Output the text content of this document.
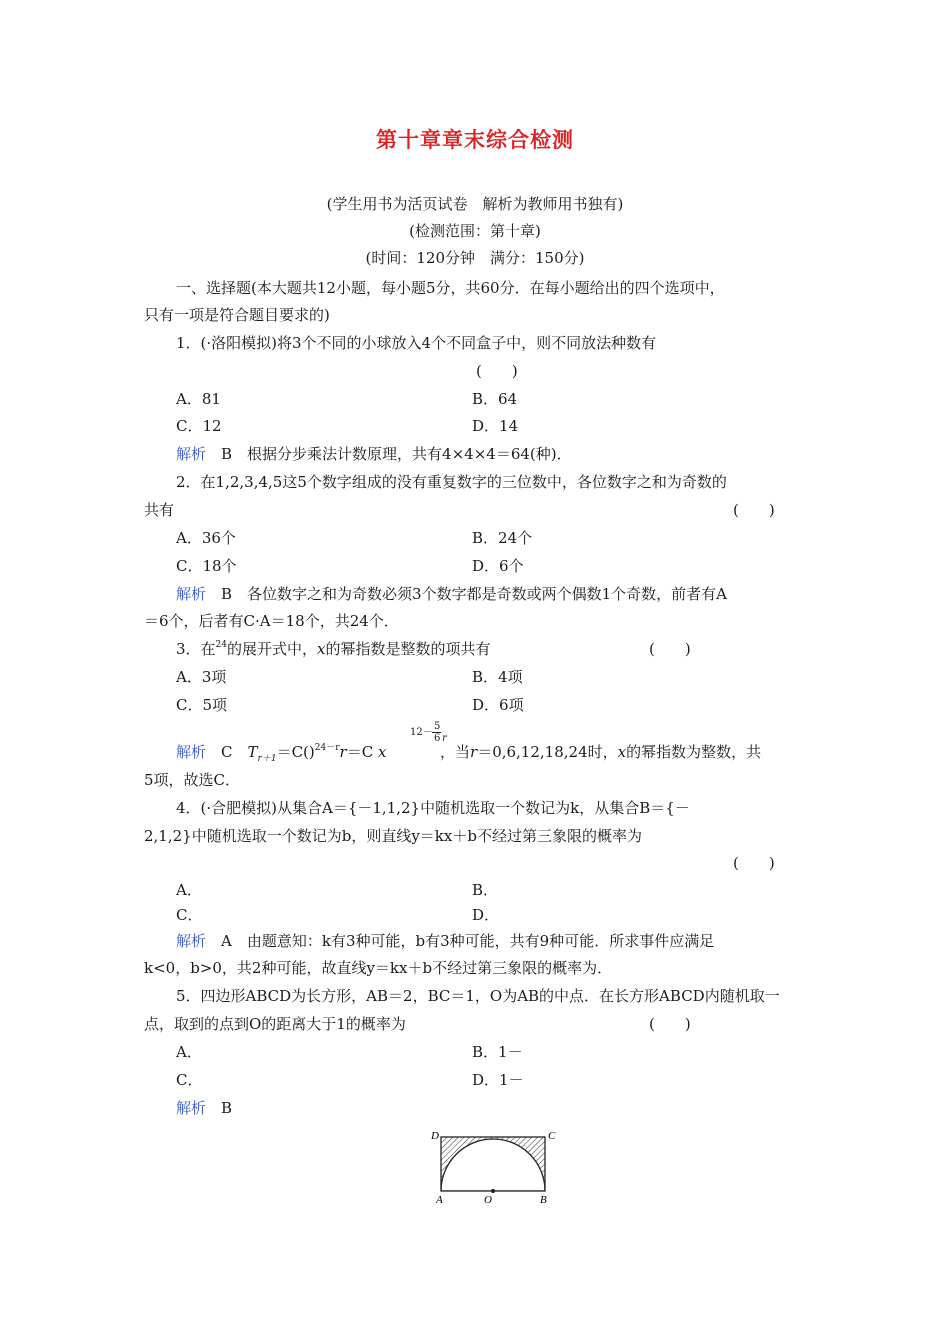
第十章章末综合检测
(学生用书为活页试卷　解析为教师用书独有)
(检测范围：第十章)
(时间：120分钟　满分：150分)
一、选择题(本大题共12小题，每小题5分，共60分．在每小题给出的四个选项中，
只有一项是符合题目要求的)
1．(·洛阳模拟)将3个不同的小球放入4个不同盒子中，则不同放法种数有
(　　)
A．81	B．64
C．12	D．14
解析　 B　根据分步乘法计数原理，共有4×4×4＝64(种)．
2．在1,2,3,4,5这5个数字组成的没有重复数字的三位数中，各位数字之和为奇数的
共有	(　　)
A．36个	B．24个
C．18个	D．6个
解析　 B　各位数字之和为奇数必须3个数字都是奇数或两个偶数1个奇数，前者有A
＝6个，后者有C·A＝18个，共24个．
3．在$^{24}$的展开式中，x的幂指数是整数的项共有	(　　)
A．3项	B．4项
C．5项	D．6项
解析　 C　 $T_{r+1}=C()^{24-r}r=C$ x
12－
5
6 r
，当r＝0,6,12,18,24时，x的幂指数为整数，共
5项，故选C．
4．(·合肥模拟)从集合A＝{－1,1,2}中随机选取一个数记为k，从集合B＝{－
2,1,2}中随机选取一个数记为b，则直线y＝kx＋b不经过第三象限的概率为
(　　)
A．	B．
C．	D．
解析　 A　由题意知：k有3种可能，b有3种可能，共有9种可能．所求事件应满足
k<0，b>0，共2种可能，故直线y＝kx＋b不经过第三象限的概率为．
5．四边形ABCD为长方形，AB＝2，BC＝1，O为AB的中点．在长方形ABCD内随机取一
点，取到的点到O的距离大于1的概率为	(　　)
A．	B．1－
C．	D．1－
解析　 B
D	C
A	O	B
